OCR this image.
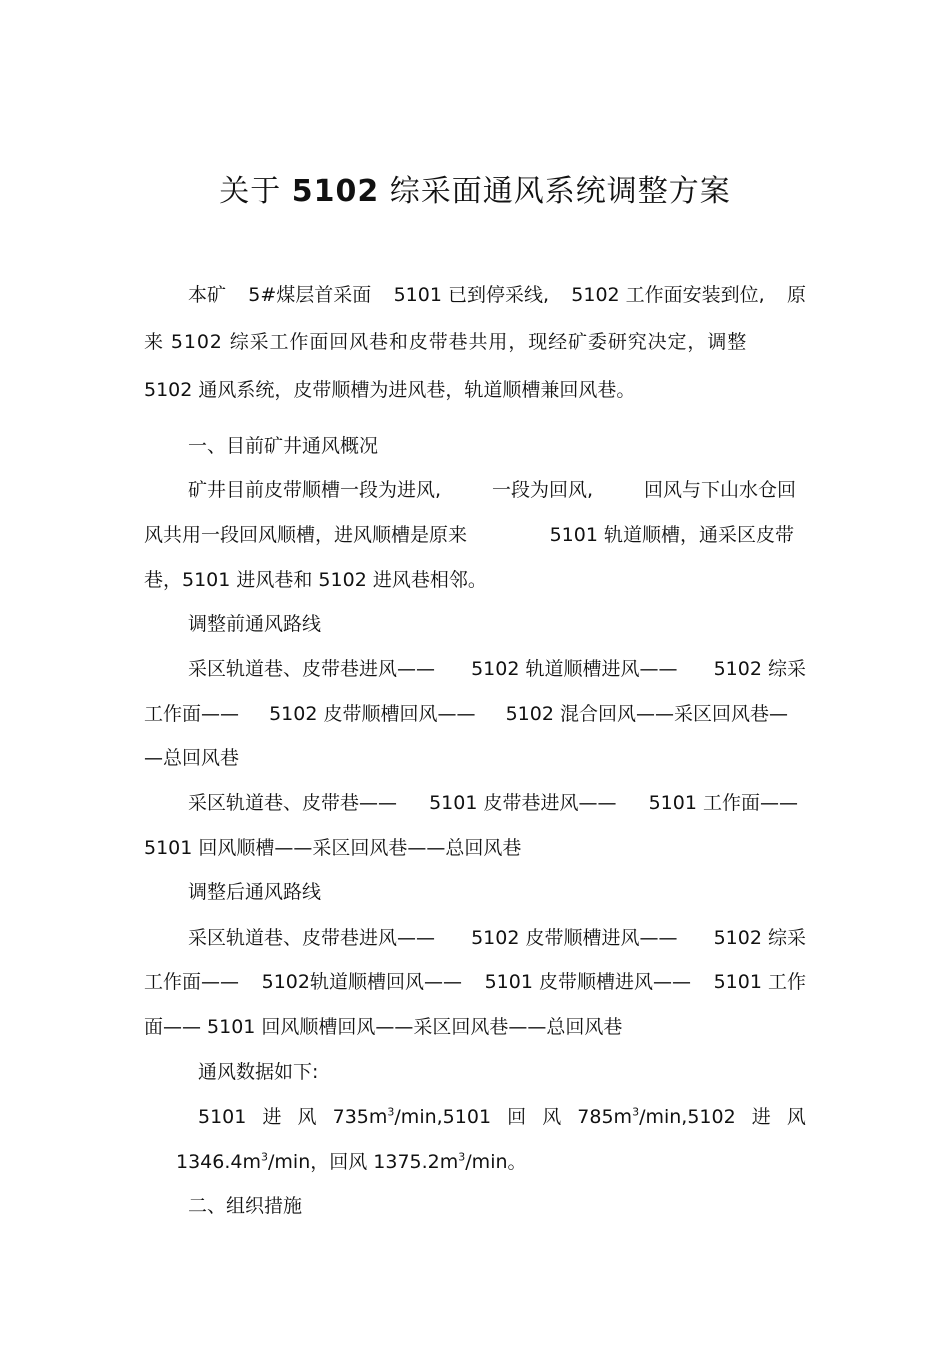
关于 5102 综采面通风系统调整方案
本矿 5#煤层首采面 5101 已到停采线, 5102 工作面安装到位, 原
来 5102 综采工作面回风巷和皮带巷共用，现经矿委研究决定，调整
5102 通风系统，皮带顺槽为进风巷，轨道顺槽兼回风巷。
一、目前矿井通风概况
矿井目前皮带顺槽一段为进风,	一段为回风,	回风与下山水仓回
风共用一段回风顺槽，进风顺槽是原来	5101 轨道顺槽，通采区皮带
巷，5101 进风巷和 5102 进风巷相邻。
调整前通风路线
采区轨道巷、皮带巷进风—— 5102 轨道顺槽进风—— 5102 综采
工作面—— 5102 皮带顺槽回风—— 5102 混合回风——采区回风巷—
—总回风巷
采区轨道巷、皮带巷—— 5101 皮带巷进风—— 5101 工作面——
5101 回风顺槽——采区回风巷——总回风巷
调整后通风路线
采区轨道巷、皮带巷进风—— 5102 皮带顺槽进风—— 5102 综采
工作面—— 5102轨道顺槽回风—— 5101 皮带顺槽进风—— 5101 工作
面—— 5101 回风顺槽回风——采区回风巷——总回风巷
通风数据如下:
5101 进 风 $735m^3/\min,5101$ 回 风 $785m^3/\min,5102$ 进 风
$1346.4m^3/\min$，回风 $1375.2m^3/\min$。
二、组织措施
